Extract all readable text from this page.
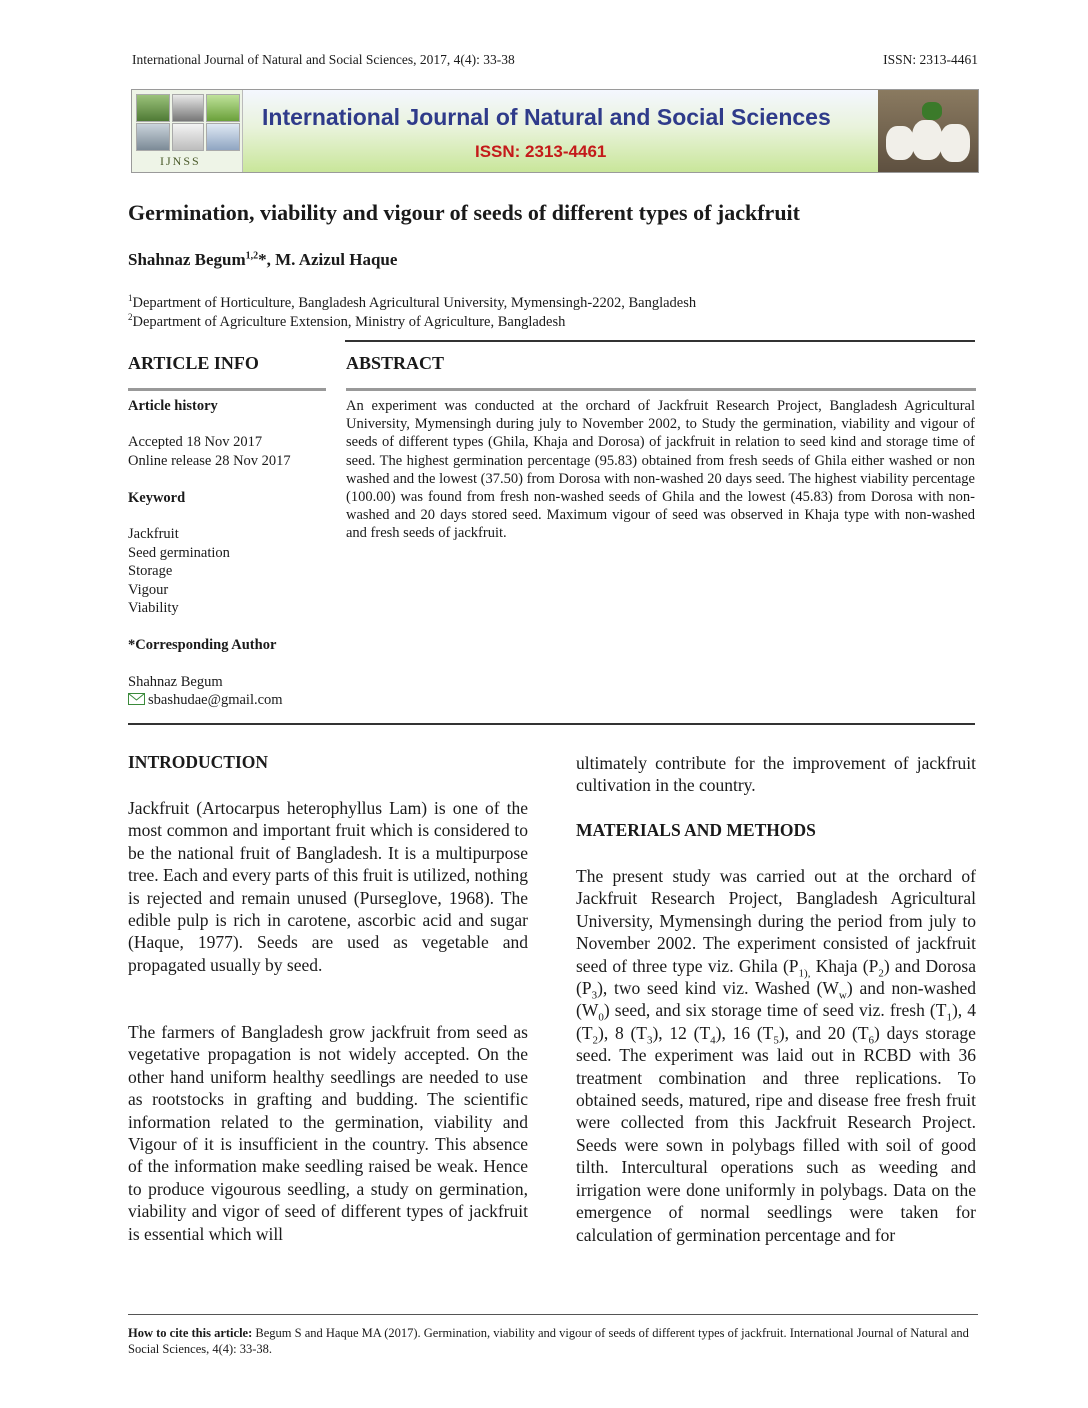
International Journal of Natural and Social Sciences, 2017, 4(4): 33-38	ISSN: 2313-4461
IJNSS
International Journal of Natural and Social Sciences
ISSN: 2313-4461
Germination, viability and vigour of seeds of different types of jackfruit
Shahnaz Begum$^{1,2}$*, M. Azizul Haque
$^1$Department of Horticulture, Bangladesh Agricultural University, Mymensingh-2202, Bangladesh
$^2$Department of Agriculture Extension, Ministry of Agriculture, Bangladesh
ARTICLE INFO	ABSTRACT
Article history
Accepted 18 Nov 2017
Online release 28 Nov 2017
Keyword
Jackfruit
Seed germination
Storage
Vigour
Viability
*Corresponding Author
Shahnaz Begum
sbashudae@gmail.com
An experiment was conducted at the orchard of Jackfruit Research Project, Bangladesh Agricultural University, Mymensingh during july to November 2002, to Study the germination, viability and vigour of seeds of different types (Ghila, Khaja and Dorosa) of jackfruit in relation to seed kind and storage time of seed. The highest germination percentage (95.83) obtained from fresh seeds of Ghila either washed or non washed and the lowest (37.50) from Dorosa with non-washed 20 days seed. The highest viability percentage (100.00) was found from fresh non-washed seeds of Ghila and the lowest (45.83) from Dorosa with non-washed and 20 days stored seed. Maximum vigour of seed was observed in Khaja type with non-washed and fresh seeds of jackfruit.
INTRODUCTION
Jackfruit (Artocarpus heterophyllus Lam) is one of the most common and important fruit which is considered to be the national fruit of Bangladesh. It is a multipurpose tree. Each and every parts of this fruit is utilized, nothing is rejected and remain unused (Purseglove, 1968). The edible pulp is rich in carotene, ascorbic acid and sugar (Haque, 1977). Seeds are used as vegetable and propagated usually by seed.
The farmers of Bangladesh grow jackfruit from seed as vegetative propagation is not widely accepted. On the other hand uniform healthy seedlings are needed to use as rootstocks in grafting and budding. The scientific information related to the germination, viability and Vigour of it is insufficient in the country. This absence of the information make seedling raised be weak. Hence to produce vigourous seedling, a study on germination, viability and vigor of seed of different types of jackfruit is essential which will
ultimately contribute for the improvement of jackfruit cultivation in the country.
MATERIALS AND METHODS
The present study was carried out at the orchard of Jackfruit Research Project, Bangladesh Agricultural University, Mymensingh during the period from july to November 2002. The experiment consisted of jackfruit seed of three type viz. Ghila ($P_{1),}$ Khaja $(P_2)$ and Dorosa $(P_3)$, two seed kind viz. Washed $(W_w)$ and non-washed $(W_0)$ seed, and six storage time of seed viz. fresh $(T_1)$, 4 $(T_2)$, 8 $(T_3)$, 12 $(T_4)$, 16 $(T_5)$, and 20 $(T_6)$ days storage seed. The experiment was laid out in RCBD with 36 treatment combination and three replications. To obtained seeds, matured, ripe and disease free fresh fruit were collected from this Jackfruit Research Project. Seeds were sown in polybags filled with soil of good tilth. Intercultural operations such as weeding and irrigation were done uniformly in polybags. Data on the emergence of normal seedlings were taken for calculation of germination percentage and for
How to cite this article: Begum S and Haque MA (2017). Germination, viability and vigour of seeds of different types of jackfruit. International Journal of Natural and Social Sciences, 4(4): 33-38.
